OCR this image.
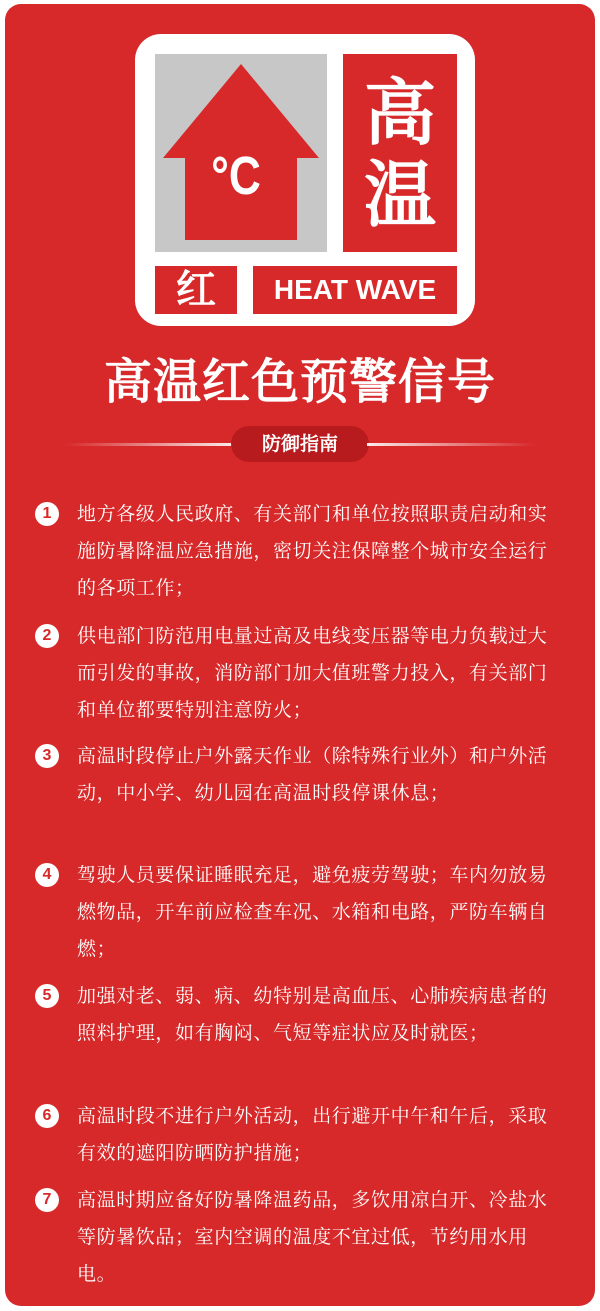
°C
高
温
红	HEAT WAVE
高温红色预警信号
防御指南
1	地方各级人民政府、有关部门和单位按照职责启动和实施防暑降温应急措施，密切关注保障整个城市安全运行的各项工作；
2	供电部门防范用电量过高及电线变压器等电力负载过大而引发的事故，消防部门加大值班警力投入，有关部门和单位都要特别注意防火；
3	高温时段停止户外露天作业（除特殊行业外）和户外活动，中小学、幼儿园在高温时段停课休息；
4	驾驶人员要保证睡眠充足，避免疲劳驾驶；车内勿放易燃物品，开车前应检查车况、水箱和电路，严防车辆自燃；
5	加强对老、弱、病、幼特别是高血压、心肺疾病患者的照料护理，如有胸闷、气短等症状应及时就医；
6	高温时段不进行户外活动，出行避开中午和午后，采取有效的遮阳防晒防护措施；
7	高温时期应备好防暑降温药品，多饮用凉白开、冷盐水等防暑饮品；室内空调的温度不宜过低，节约用水用电。
